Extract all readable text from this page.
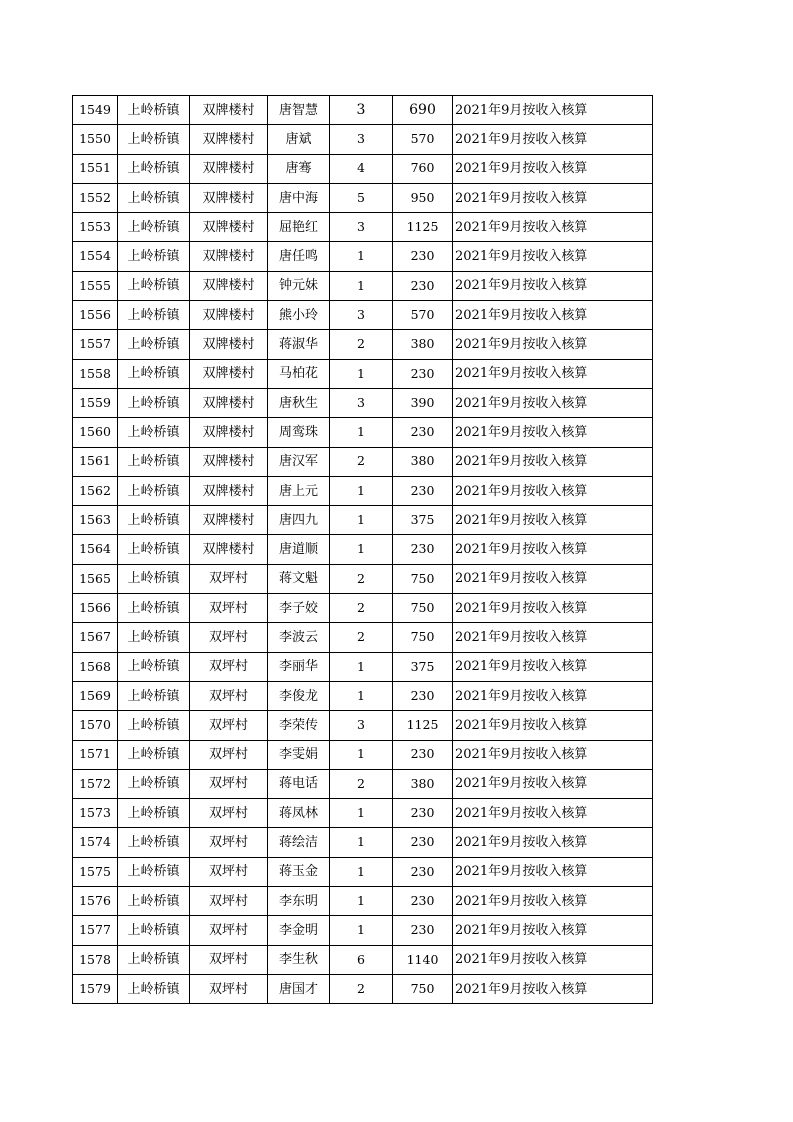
1549	上岭桥镇	双牌楼村	唐智慧	3	690	2021年9月按收入核算
1550	上岭桥镇	双牌楼村	唐斌	3	570	2021年9月按收入核算
1551	上岭桥镇	双牌楼村	唐骞	4	760	2021年9月按收入核算
1552	上岭桥镇	双牌楼村	唐中海	5	950	2021年9月按收入核算
1553	上岭桥镇	双牌楼村	屈艳红	3	1125	2021年9月按收入核算
1554	上岭桥镇	双牌楼村	唐任鸣	1	230	2021年9月按收入核算
1555	上岭桥镇	双牌楼村	钟元妹	1	230	2021年9月按收入核算
1556	上岭桥镇	双牌楼村	熊小玲	3	570	2021年9月按收入核算
1557	上岭桥镇	双牌楼村	蒋淑华	2	380	2021年9月按收入核算
1558	上岭桥镇	双牌楼村	马柏花	1	230	2021年9月按收入核算
1559	上岭桥镇	双牌楼村	唐秋生	3	390	2021年9月按收入核算
1560	上岭桥镇	双牌楼村	周鸾珠	1	230	2021年9月按收入核算
1561	上岭桥镇	双牌楼村	唐汉军	2	380	2021年9月按收入核算
1562	上岭桥镇	双牌楼村	唐上元	1	230	2021年9月按收入核算
1563	上岭桥镇	双牌楼村	唐四九	1	375	2021年9月按收入核算
1564	上岭桥镇	双牌楼村	唐道顺	1	230	2021年9月按收入核算
1565	上岭桥镇	双坪村	蒋文魁	2	750	2021年9月按收入核算
1566	上岭桥镇	双坪村	李子姣	2	750	2021年9月按收入核算
1567	上岭桥镇	双坪村	李波云	2	750	2021年9月按收入核算
1568	上岭桥镇	双坪村	李丽华	1	375	2021年9月按收入核算
1569	上岭桥镇	双坪村	李俊龙	1	230	2021年9月按收入核算
1570	上岭桥镇	双坪村	李荣传	3	1125	2021年9月按收入核算
1571	上岭桥镇	双坪村	李雯娟	1	230	2021年9月按收入核算
1572	上岭桥镇	双坪村	蒋电话	2	380	2021年9月按收入核算
1573	上岭桥镇	双坪村	蒋凤林	1	230	2021年9月按收入核算
1574	上岭桥镇	双坪村	蒋绘洁	1	230	2021年9月按收入核算
1575	上岭桥镇	双坪村	蒋玉金	1	230	2021年9月按收入核算
1576	上岭桥镇	双坪村	李东明	1	230	2021年9月按收入核算
1577	上岭桥镇	双坪村	李金明	1	230	2021年9月按收入核算
1578	上岭桥镇	双坪村	李生秋	6	1140	2021年9月按收入核算
1579	上岭桥镇	双坪村	唐国才	2	750	2021年9月按收入核算
